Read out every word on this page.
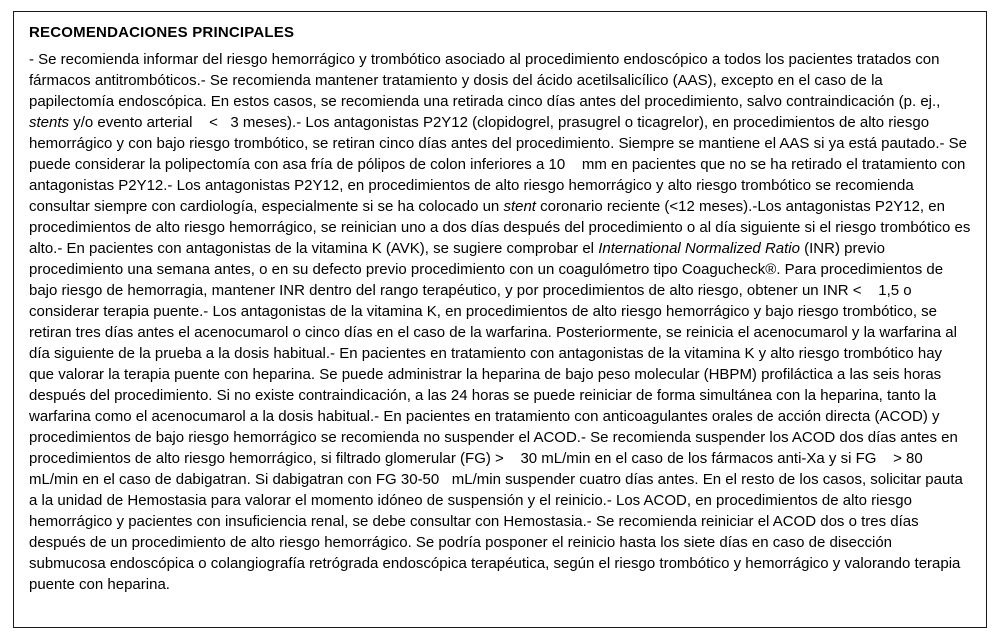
RECOMENDACIONES PRINCIPALES

- Se recomienda informar del riesgo hemorrágico y trombótico asociado al procedimiento endoscópico a todos los pacientes tratados con fármacos antitrombóticos.- Se recomienda mantener tratamiento y dosis del ácido acetilsalicílico (AAS), excepto en el caso de la papilectomía endoscópica. En estos casos, se recomienda una retirada cinco días antes del procedimiento, salvo contraindicación (p. ej., stents y/o evento arterial    <   3 meses).- Los antagonistas P2Y12 (clopidogrel, prasugrel o ticagrelor), en procedimientos de alto riesgo hemorrágico y con bajo riesgo trombótico, se retiran cinco días antes del procedimiento. Siempre se mantiene el AAS si ya está pautado.- Se puede considerar la polipectomía con asa fría de pólipos de colon inferiores a 10    mm en pacientes que no se ha retirado el tratamiento con antagonistas P2Y12.- Los antagonistas P2Y12, en procedimientos de alto riesgo hemorrágico y alto riesgo trombótico se recomienda consultar siempre con cardiología, especialmente si se ha colocado un stent coronario reciente (<12 meses).-Los antagonistas P2Y12, en procedimientos de alto riesgo hemorrágico, se reinician uno a dos días después del procedimiento o al día siguiente si el riesgo trombótico es alto.- En pacientes con antagonistas de la vitamina K (AVK), se sugiere comprobar el International Normalized Ratio (INR) previo procedimiento una semana antes, o en su defecto previo procedimiento con un coagulómetro tipo Coagucheck®. Para procedimientos de bajo riesgo de hemorragia, mantener INR dentro del rango terapéutico, y por procedimientos de alto riesgo, obtener un INR <    1,5 o considerar terapia puente.- Los antagonistas de la vitamina K, en procedimientos de alto riesgo hemorrágico y bajo riesgo trombótico, se retiran tres días antes el acenocumarol o cinco días en el caso de la warfarina. Posteriormente, se reinicia el acenocumarol y la warfarina al día siguiente de la prueba a la dosis habitual.- En pacientes en tratamiento con antagonistas de la vitamina K y alto riesgo trombótico hay que valorar la terapia puente con heparina. Se puede administrar la heparina de bajo peso molecular (HBPM) profiláctica a las seis horas después del procedimiento. Si no existe contraindicación, a las 24 horas se puede reiniciar de forma simultánea con la heparina, tanto la warfarina como el acenocumarol a la dosis habitual.- En pacientes en tratamiento con anticoagulantes orales de acción directa (ACOD) y procedimientos de bajo riesgo hemorrágico se recomienda no suspender el ACOD.- Se recomienda suspender los ACOD dos días antes en procedimientos de alto riesgo hemorrágico, si filtrado glomerular (FG) >    30 mL/min en el caso de los fármacos anti-Xa y si FG    > 80 mL/min en el caso de dabigatran. Si dabigatran con FG 30-50   mL/min suspender cuatro días antes. En el resto de los casos, solicitar pauta a la unidad de Hemostasia para valorar el momento idóneo de suspensión y el reinicio.- Los ACOD, en procedimientos de alto riesgo hemorrágico y pacientes con insuficiencia renal, se debe consultar con Hemostasia.- Se recomienda reiniciar el ACOD dos o tres días después de un procedimiento de alto riesgo hemorrágico. Se podría posponer el reinicio hasta los siete días en caso de disección submucosa endoscópica o colangiografía retrógrada endoscópica terapéutica, según el riesgo trombótico y hemorrágico y valorando terapia puente con heparina.
